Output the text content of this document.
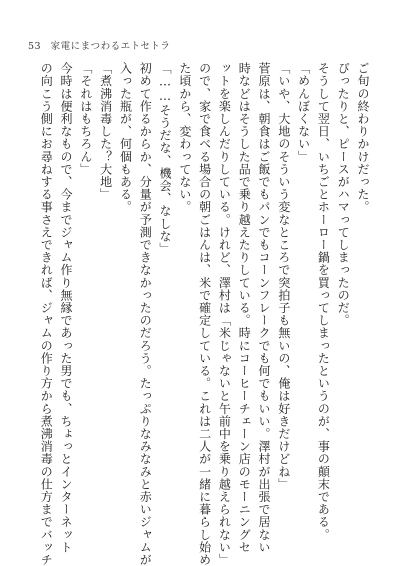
53 家電にまつわるエトセトラ

ご旬の終わりかけだった。

ぴったりと、ピースがハマってしまったのだ。

そうして翌日、いちごとホーロー鍋を買ってしまったというのが、事の顛末である。

「めんぼくない」

「いや、大地のそういう変なところで突拍子も無いの、俺は好きだけどね」

菅原は、朝食はご飯でもパンでもコーンフレークでも何でもいい。澤村が出張で居ない

時などはそうした品で乗り越えたりしている。時にコーヒーチェーン店のモーニングセ

ットを楽しんだりしている。けれど、澤村は「米じゃないと午前中を乗り越えられない」

ので、家で食べる場合の朝ごはんは、米で確定している。これは二人が一緒に暮らし始め

た頃から、変わってない。

「……そうだな、機会、なしな」

初めて作るからか、分量が予測できなかったのだろう。たっぷりなみなみと赤いジャムが

入った瓶が、何個もある。

「煮沸消毒した？大地」

「それはもちろん」

今時は便利なもので、今までジャム作り無縁であった男でも、ちょっとインターネット

の向こう側にお尋ねする事さえできれば、ジャムの作り方から煮沸消毒の仕方までバッチ
